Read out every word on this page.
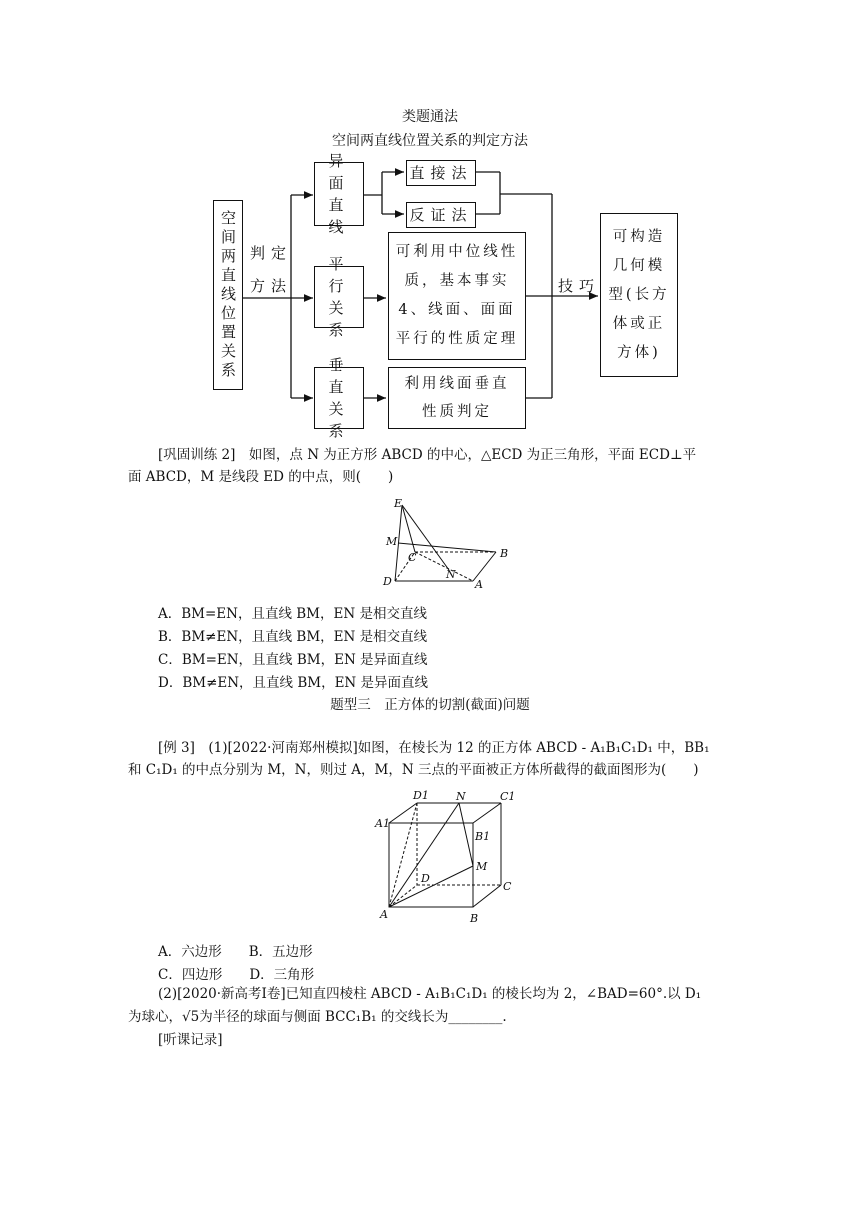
类题通法
空间两直线位置关系的判定方法
空间两直线位置关系 判定
方法
异面直线
直接法
反证法
平行关系
可利用中位线性质，基本事实4、线面、面面平行的性质定理
垂直关系
利用线面垂直性质判定
技巧
可构造几何模型(长方体或正方体)
[巩固训练 2]　如图，点 N 为正方形 ABCD 的中心，△ECD 为正三角形，平面 ECD⊥平
面 ABCD，M 是线段 ED 的中点，则(　　)
E
M
C	B
D
N
A
A．BM=EN，且直线 BM，EN 是相交直线
B．BM≠EN，且直线 BM，EN 是相交直线
C．BM=EN，且直线 BM，EN 是异面直线
D．BM≠EN，且直线 BM，EN 是异面直线
题型三　正方体的切割(截面)问题
[例 3]　(1)[2022·河南郑州模拟]如图，在棱长为 12 的正方体 ABCD - A₁B₁C₁D₁ 中，BB₁
和 C₁D₁ 的中点分别为 M，N，则过 A，M，N 三点的平面被正方体所截得的截面图形为(　　)
D1 N	C1
A1
B1
M
D
C
A	B
A．六边形　　B．五边形
C．四边形　　D．三角形
(2)[2020·新高考Ⅰ卷]已知直四棱柱 ABCD - A₁B₁C₁D₁ 的棱长均为 2，∠BAD=60°.以 D₁
为球心，√5为半径的球面与侧面 BCC₁B₁ 的交线长为________.
[听课记录]
